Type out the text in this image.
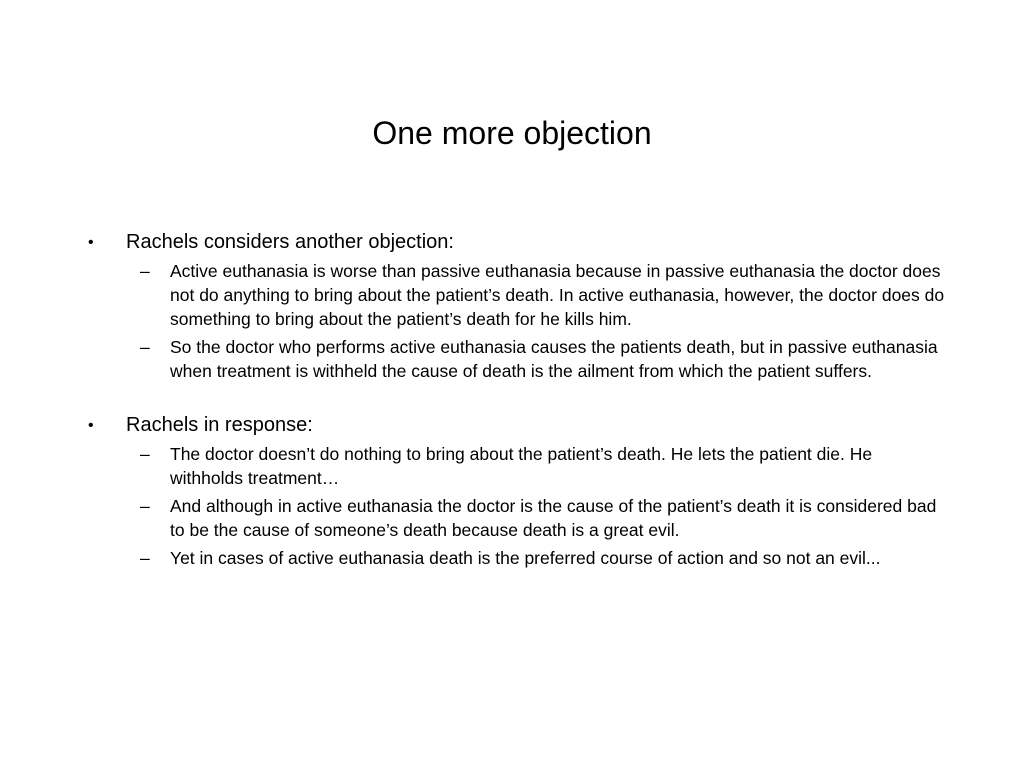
One more objection
• Rachels considers another objection:
– Active euthanasia is worse than passive euthanasia because in passive euthanasia the doctor does not do anything to bring about the patient’s death. In active euthanasia, however, the doctor does do something to bring about the patient’s death for he kills him.
– So the doctor who performs active euthanasia causes the patients death, but in passive euthanasia when treatment is withheld the cause of death is the ailment from which the patient suffers.
• Rachels in response:
– The doctor doesn’t do nothing to bring about the patient’s death. He lets the patient die. He withholds treatment…
– And although in active euthanasia the doctor is the cause of the patient’s death it is considered bad to be the cause of someone’s death because death is a great evil.
– Yet in cases of active euthanasia death is the preferred course of action and so not an evil...
